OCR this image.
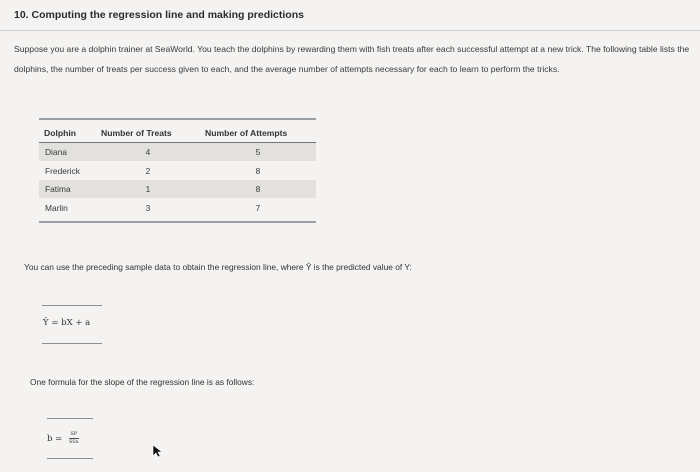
10. Computing the regression line and making predictions
Suppose you are a dolphin trainer at SeaWorld. You teach the dolphins by rewarding them with fish treats after each successful attempt at a new trick. The following table lists the dolphins, the number of treats per success given to each, and the average number of attempts necessary for each to learn to perform the tricks.
Dolphin	Number of Treats	Number of Attempts
Diana	4	5
Frederick	2	8
Fatima	1	8
Marlin	3	7
You can use the preceding sample data to obtain the regression line, where Ŷ is the predicted value of Y:
Ŷ = bX + a
One formula for the slope of the regression line is as follows:
$b = \frac{SP}{\text{SSx}}$
